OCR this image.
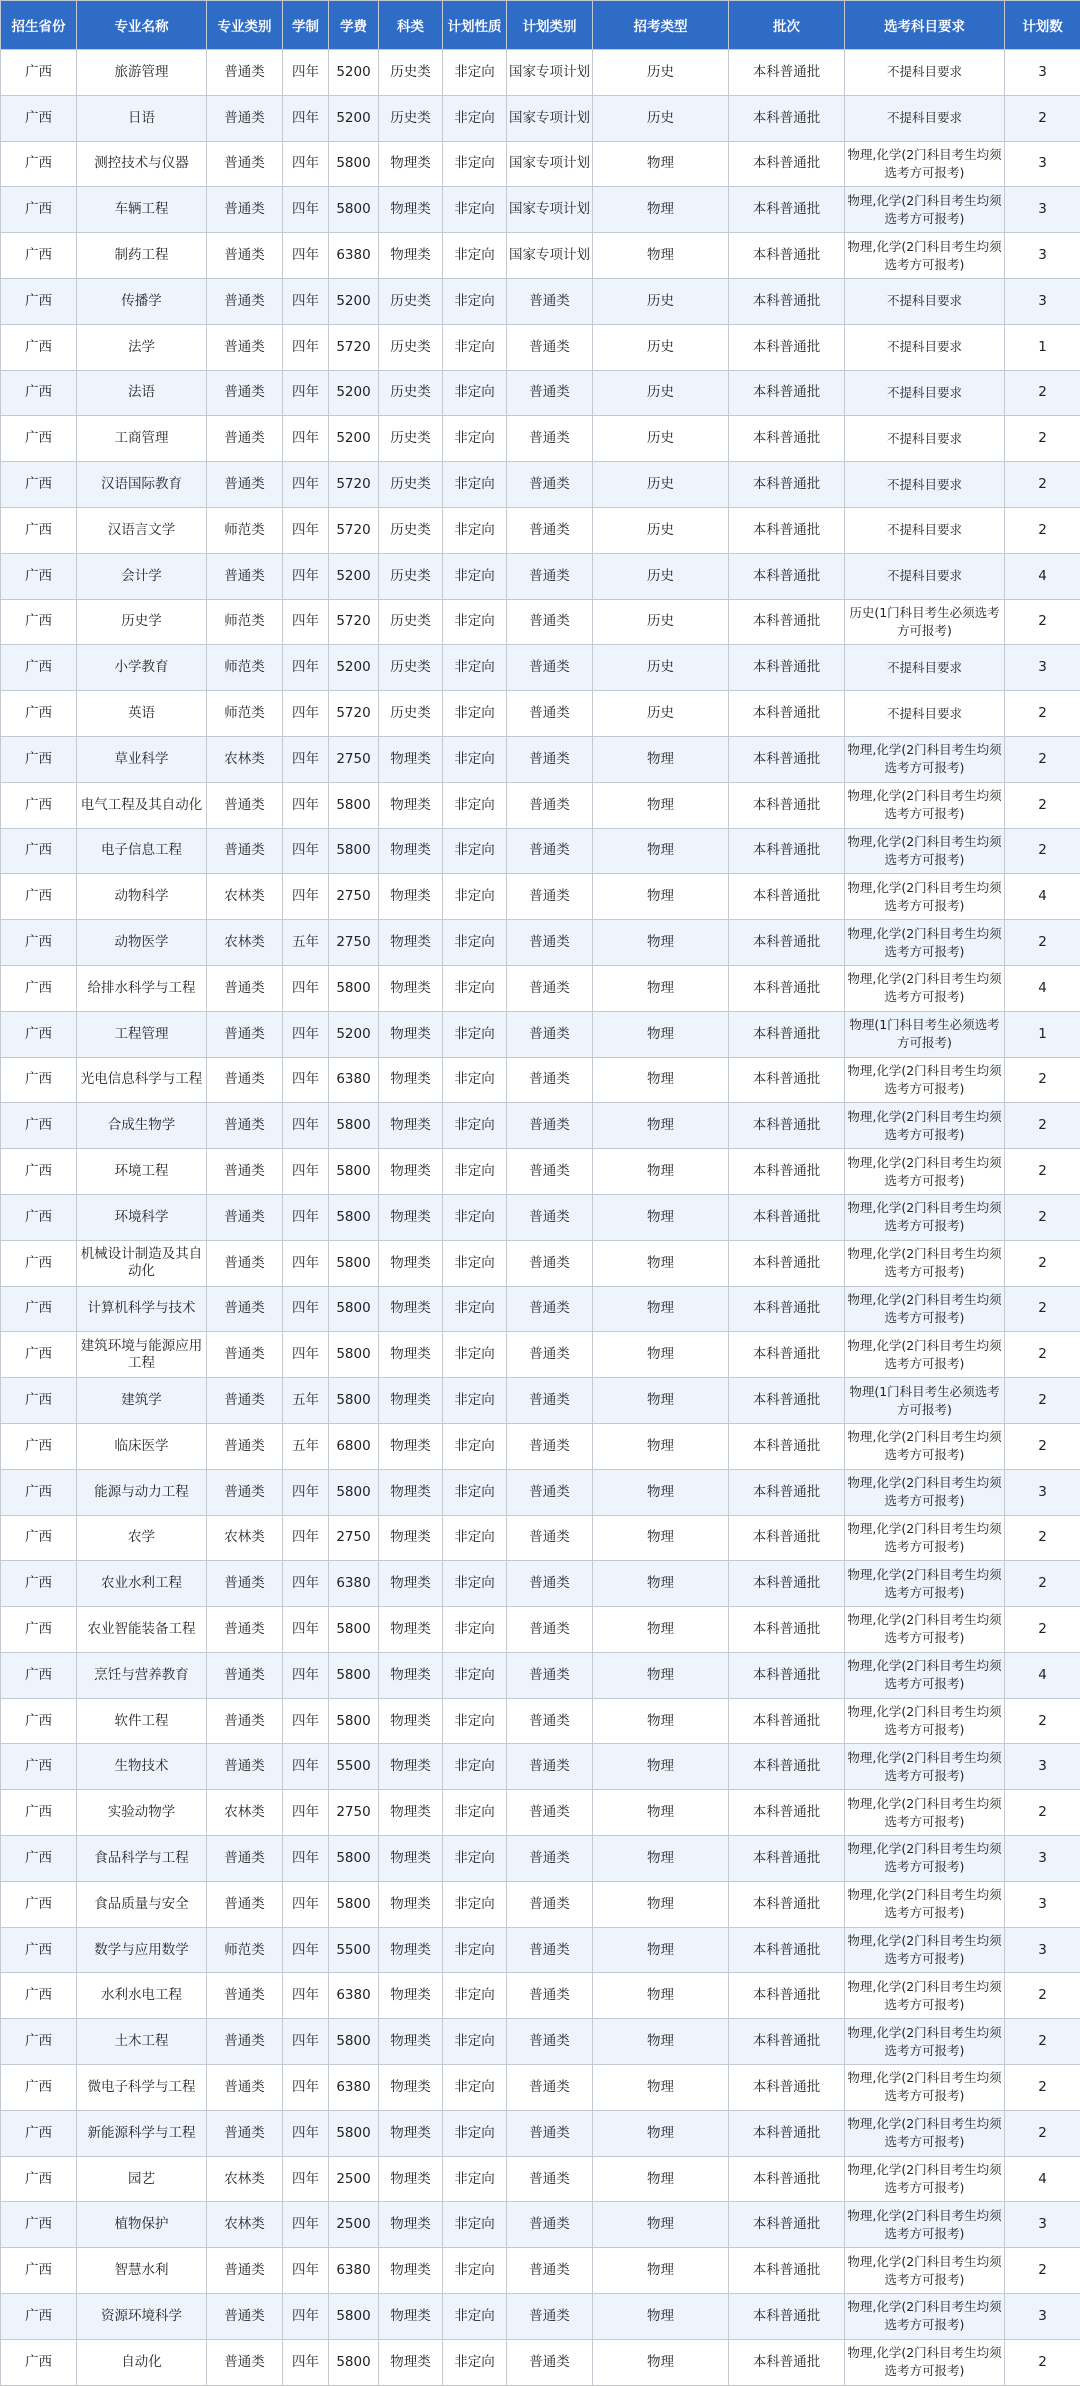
招生省份	专业名称	专业类别	学制	学费	科类	计划性质	计划类别	招考类型	批次	选考科目要求	计划数
广西	旅游管理	普通类	四年	5200	历史类	非定向	国家专项计划	历史	本科普通批	不提科目要求	3
广西	日语	普通类	四年	5200	历史类	非定向	国家专项计划	历史	本科普通批	不提科目要求	2
广西	测控技术与仪器	普通类	四年	5800	物理类	非定向	国家专项计划	物理	本科普通批	物理,化学(2门科目考生均须选考方可报考)	3
广西	车辆工程	普通类	四年	5800	物理类	非定向	国家专项计划	物理	本科普通批	物理,化学(2门科目考生均须选考方可报考)	3
广西	制药工程	普通类	四年	6380	物理类	非定向	国家专项计划	物理	本科普通批	物理,化学(2门科目考生均须选考方可报考)	3
广西	传播学	普通类	四年	5200	历史类	非定向	普通类	历史	本科普通批	不提科目要求	3
广西	法学	普通类	四年	5720	历史类	非定向	普通类	历史	本科普通批	不提科目要求	1
广西	法语	普通类	四年	5200	历史类	非定向	普通类	历史	本科普通批	不提科目要求	2
广西	工商管理	普通类	四年	5200	历史类	非定向	普通类	历史	本科普通批	不提科目要求	2
广西	汉语国际教育	普通类	四年	5720	历史类	非定向	普通类	历史	本科普通批	不提科目要求	2
广西	汉语言文学	师范类	四年	5720	历史类	非定向	普通类	历史	本科普通批	不提科目要求	2
广西	会计学	普通类	四年	5200	历史类	非定向	普通类	历史	本科普通批	不提科目要求	4
广西	历史学	师范类	四年	5720	历史类	非定向	普通类	历史	本科普通批	历史(1门科目考生必须选考方可报考)	2
广西	小学教育	师范类	四年	5200	历史类	非定向	普通类	历史	本科普通批	不提科目要求	3
广西	英语	师范类	四年	5720	历史类	非定向	普通类	历史	本科普通批	不提科目要求	2
广西	草业科学	农林类	四年	2750	物理类	非定向	普通类	物理	本科普通批	物理,化学(2门科目考生均须选考方可报考)	2
广西	电气工程及其自动化	普通类	四年	5800	物理类	非定向	普通类	物理	本科普通批	物理,化学(2门科目考生均须选考方可报考)	2
广西	电子信息工程	普通类	四年	5800	物理类	非定向	普通类	物理	本科普通批	物理,化学(2门科目考生均须选考方可报考)	2
广西	动物科学	农林类	四年	2750	物理类	非定向	普通类	物理	本科普通批	物理,化学(2门科目考生均须选考方可报考)	4
广西	动物医学	农林类	五年	2750	物理类	非定向	普通类	物理	本科普通批	物理,化学(2门科目考生均须选考方可报考)	2
广西	给排水科学与工程	普通类	四年	5800	物理类	非定向	普通类	物理	本科普通批	物理,化学(2门科目考生均须选考方可报考)	4
广西	工程管理	普通类	四年	5200	物理类	非定向	普通类	物理	本科普通批	物理(1门科目考生必须选考方可报考)	1
广西	光电信息科学与工程	普通类	四年	6380	物理类	非定向	普通类	物理	本科普通批	物理,化学(2门科目考生均须选考方可报考)	2
广西	合成生物学	普通类	四年	5800	物理类	非定向	普通类	物理	本科普通批	物理,化学(2门科目考生均须选考方可报考)	2
广西	环境工程	普通类	四年	5800	物理类	非定向	普通类	物理	本科普通批	物理,化学(2门科目考生均须选考方可报考)	2
广西	环境科学	普通类	四年	5800	物理类	非定向	普通类	物理	本科普通批	物理,化学(2门科目考生均须选考方可报考)	2
广西	机械设计制造及其自动化	普通类	四年	5800	物理类	非定向	普通类	物理	本科普通批	物理,化学(2门科目考生均须选考方可报考)	2
广西	计算机科学与技术	普通类	四年	5800	物理类	非定向	普通类	物理	本科普通批	物理,化学(2门科目考生均须选考方可报考)	2
广西	建筑环境与能源应用工程	普通类	四年	5800	物理类	非定向	普通类	物理	本科普通批	物理,化学(2门科目考生均须选考方可报考)	2
广西	建筑学	普通类	五年	5800	物理类	非定向	普通类	物理	本科普通批	物理(1门科目考生必须选考方可报考)	2
广西	临床医学	普通类	五年	6800	物理类	非定向	普通类	物理	本科普通批	物理,化学(2门科目考生均须选考方可报考)	2
广西	能源与动力工程	普通类	四年	5800	物理类	非定向	普通类	物理	本科普通批	物理,化学(2门科目考生均须选考方可报考)	3
广西	农学	农林类	四年	2750	物理类	非定向	普通类	物理	本科普通批	物理,化学(2门科目考生均须选考方可报考)	2
广西	农业水利工程	普通类	四年	6380	物理类	非定向	普通类	物理	本科普通批	物理,化学(2门科目考生均须选考方可报考)	2
广西	农业智能装备工程	普通类	四年	5800	物理类	非定向	普通类	物理	本科普通批	物理,化学(2门科目考生均须选考方可报考)	2
广西	烹饪与营养教育	普通类	四年	5800	物理类	非定向	普通类	物理	本科普通批	物理,化学(2门科目考生均须选考方可报考)	4
广西	软件工程	普通类	四年	5800	物理类	非定向	普通类	物理	本科普通批	物理,化学(2门科目考生均须选考方可报考)	2
广西	生物技术	普通类	四年	5500	物理类	非定向	普通类	物理	本科普通批	物理,化学(2门科目考生均须选考方可报考)	3
广西	实验动物学	农林类	四年	2750	物理类	非定向	普通类	物理	本科普通批	物理,化学(2门科目考生均须选考方可报考)	2
广西	食品科学与工程	普通类	四年	5800	物理类	非定向	普通类	物理	本科普通批	物理,化学(2门科目考生均须选考方可报考)	3
广西	食品质量与安全	普通类	四年	5800	物理类	非定向	普通类	物理	本科普通批	物理,化学(2门科目考生均须选考方可报考)	3
广西	数学与应用数学	师范类	四年	5500	物理类	非定向	普通类	物理	本科普通批	物理,化学(2门科目考生均须选考方可报考)	3
广西	水利水电工程	普通类	四年	6380	物理类	非定向	普通类	物理	本科普通批	物理,化学(2门科目考生均须选考方可报考)	2
广西	土木工程	普通类	四年	5800	物理类	非定向	普通类	物理	本科普通批	物理,化学(2门科目考生均须选考方可报考)	2
广西	微电子科学与工程	普通类	四年	6380	物理类	非定向	普通类	物理	本科普通批	物理,化学(2门科目考生均须选考方可报考)	2
广西	新能源科学与工程	普通类	四年	5800	物理类	非定向	普通类	物理	本科普通批	物理,化学(2门科目考生均须选考方可报考)	2
广西	园艺	农林类	四年	2500	物理类	非定向	普通类	物理	本科普通批	物理,化学(2门科目考生均须选考方可报考)	4
广西	植物保护	农林类	四年	2500	物理类	非定向	普通类	物理	本科普通批	物理,化学(2门科目考生均须选考方可报考)	3
广西	智慧水利	普通类	四年	6380	物理类	非定向	普通类	物理	本科普通批	物理,化学(2门科目考生均须选考方可报考)	2
广西	资源环境科学	普通类	四年	5800	物理类	非定向	普通类	物理	本科普通批	物理,化学(2门科目考生均须选考方可报考)	3
广西	自动化	普通类	四年	5800	物理类	非定向	普通类	物理	本科普通批	物理,化学(2门科目考生均须选考方可报考)	2
